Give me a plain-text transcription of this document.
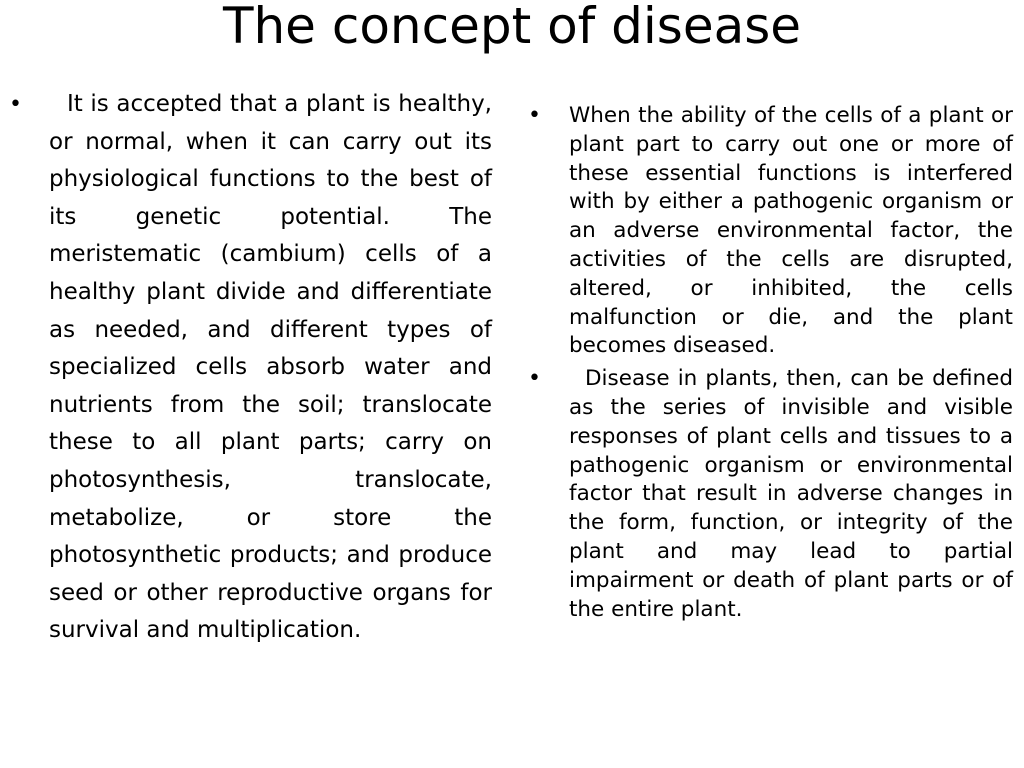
The concept of disease

•	It is accepted that a plant is healthy, or normal, when it can carry out its physiological functions to the best of its genetic potential. The meristematic (cambium) cells of a healthy plant divide and differentiate as needed, and different types of specialized cells absorb water and nutrients from the soil; translocate these to all plant parts; carry on photosynthesis, translocate, metabolize, or store the photosynthetic products; and produce seed or other reproductive organs for survival and multiplication.

•	When the ability of the cells of a plant or plant part to carry out one or more of these essential functions is interfered with by either a pathogenic organism or an adverse environmental factor, the activities of the cells are disrupted, altered, or inhibited, the cells malfunction or die, and the plant becomes diseased.

•	Disease in plants, then, can be defined as the series of invisible and visible responses of plant cells and tissues to a pathogenic organism or environmental factor that result in adverse changes in the form, function, or integrity of the plant and may lead to partial impairment or death of plant parts or of the entire plant.
